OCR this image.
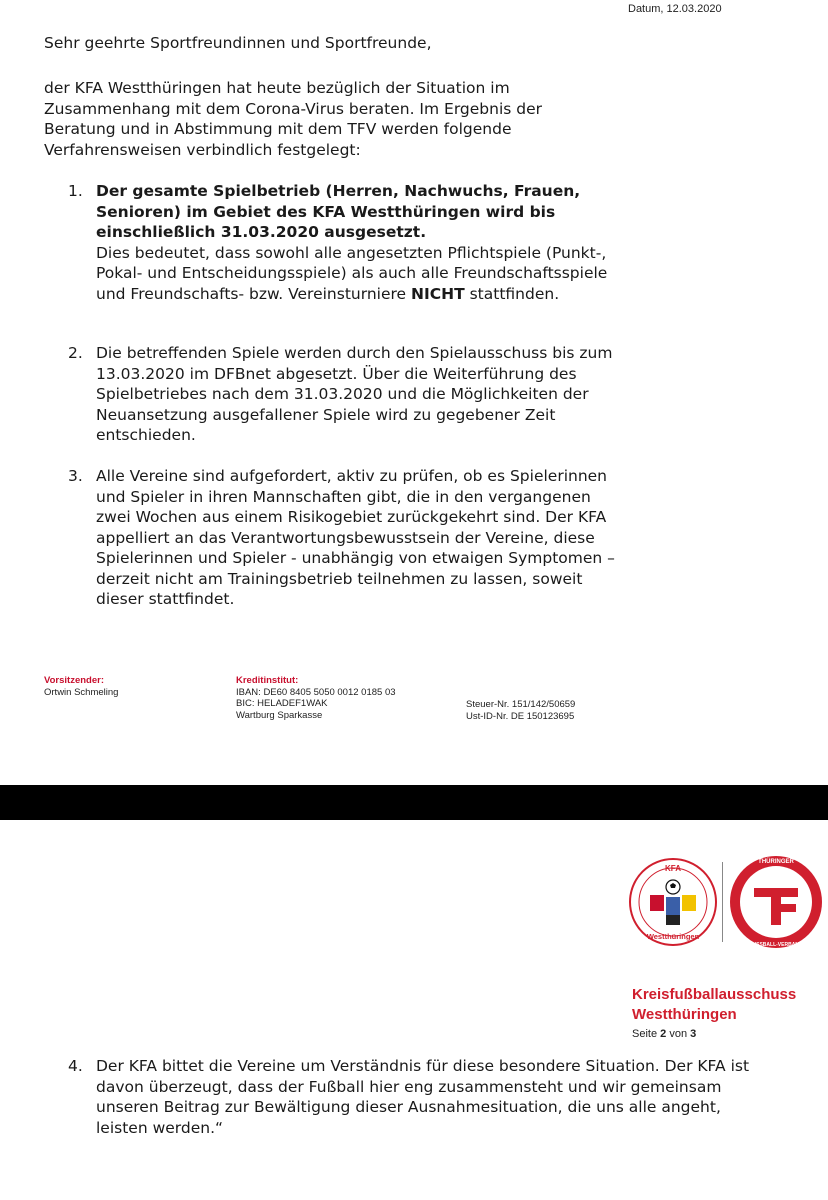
Datum, 12.03.2020
Sehr geehrte Sportfreundinnen und Sportfreunde,
der KFA Westthüringen hat heute bezüglich der Situation im Zusammenhang mit dem Corona-Virus beraten. Im Ergebnis der Beratung und in Abstimmung mit dem TFV werden folgende Verfahrensweisen verbindlich festgelegt:
1. Der gesamte Spielbetrieb (Herren, Nachwuchs, Frauen, Senioren) im Gebiet des KFA Westthüringen wird bis einschließlich 31.03.2020 ausgesetzt.
Dies bedeutet, dass sowohl alle angesetzten Pflichtspiele (Punkt-, Pokal- und Entscheidungsspiele) als auch alle Freundschaftsspiele und Freundschafts- bzw. Vereinsturniere NICHT stattfinden.
2. Die betreffenden Spiele werden durch den Spielausschuss bis zum 13.03.2020 im DFBnet abgesetzt. Über die Weiterführung des Spielbetriebes nach dem 31.03.2020 und die Möglichkeiten der Neuansetzung ausgefallener Spiele wird zu gegebener Zeit entschieden.
3. Alle Vereine sind aufgefordert, aktiv zu prüfen, ob es Spielerinnen und Spieler in ihren Mannschaften gibt, die in den vergangenen zwei Wochen aus einem Risikogebiet zurückgekehrt sind. Der KFA appelliert an das Verantwortungsbewusstsein der Vereine, diese Spielerinnen und Spieler - unabhängig von etwaigen Symptomen – derzeit nicht am Trainingsbetrieb teilnehmen zu lassen, soweit dieser stattfindet.
Vorsitzender:
Ortwin Schmeling
Kreditinstitut:
IBAN: DE60 8405 5050 0012 0185 03
BIC: HELADEF1WAK
Wartburg Sparkasse
Steuer-Nr. 151/142/50659
Ust-ID-Nr. DE 150123695
KFA
Westthüringen
THÜRINGER
FUSSBALL-VERBAND
Kreisfußballausschuss
Westthüringen
Seite 2 von 3
4. Der KFA bittet die Vereine um Verständnis für diese besondere Situation. Der KFA ist davon überzeugt, dass der Fußball hier eng zusammensteht und wir gemeinsam unseren Beitrag zur Bewältigung dieser Ausnahmesituation, die uns alle angeht, leisten werden.“
